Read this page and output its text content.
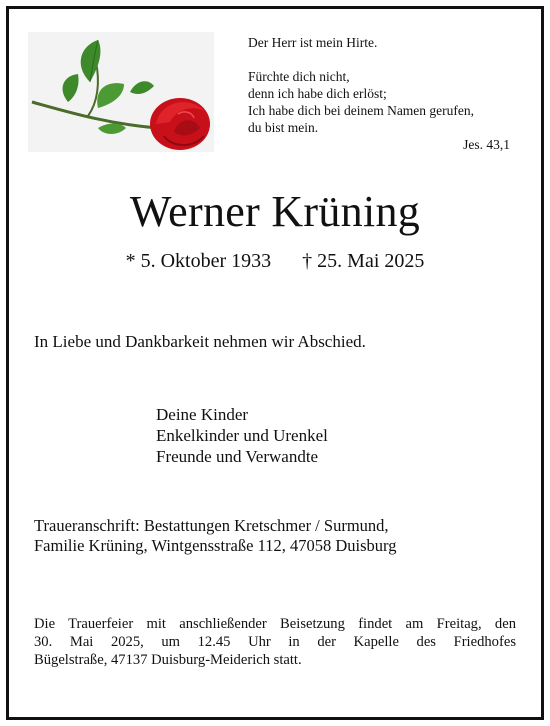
Der Herr ist mein Hirte.

Fürchte dich nicht,

denn ich habe dich erlöst;

Ich habe dich bei deinem Namen gerufen,

du bist mein.

Jes. 43,1

Werner Krüning
* 5. Oktober 1933 † 25. Mai 2025
In Liebe und Dankbarkeit nehmen wir Abschied.
Deine Kinder
Enkelkinder und Urenkel
Freunde und Verwandte
Traueranschrift: Bestattungen Kretschmer / Surmund,
Familie Krüning, Wintgensstraße 112, 47058 Duisburg
Die Trauerfeier mit anschließender Beisetzung findet am Freitag, den
30. Mai 2025, um 12.45 Uhr in der Kapelle des Friedhofes
Bügelstraße, 47137 Duisburg-Meiderich statt.
